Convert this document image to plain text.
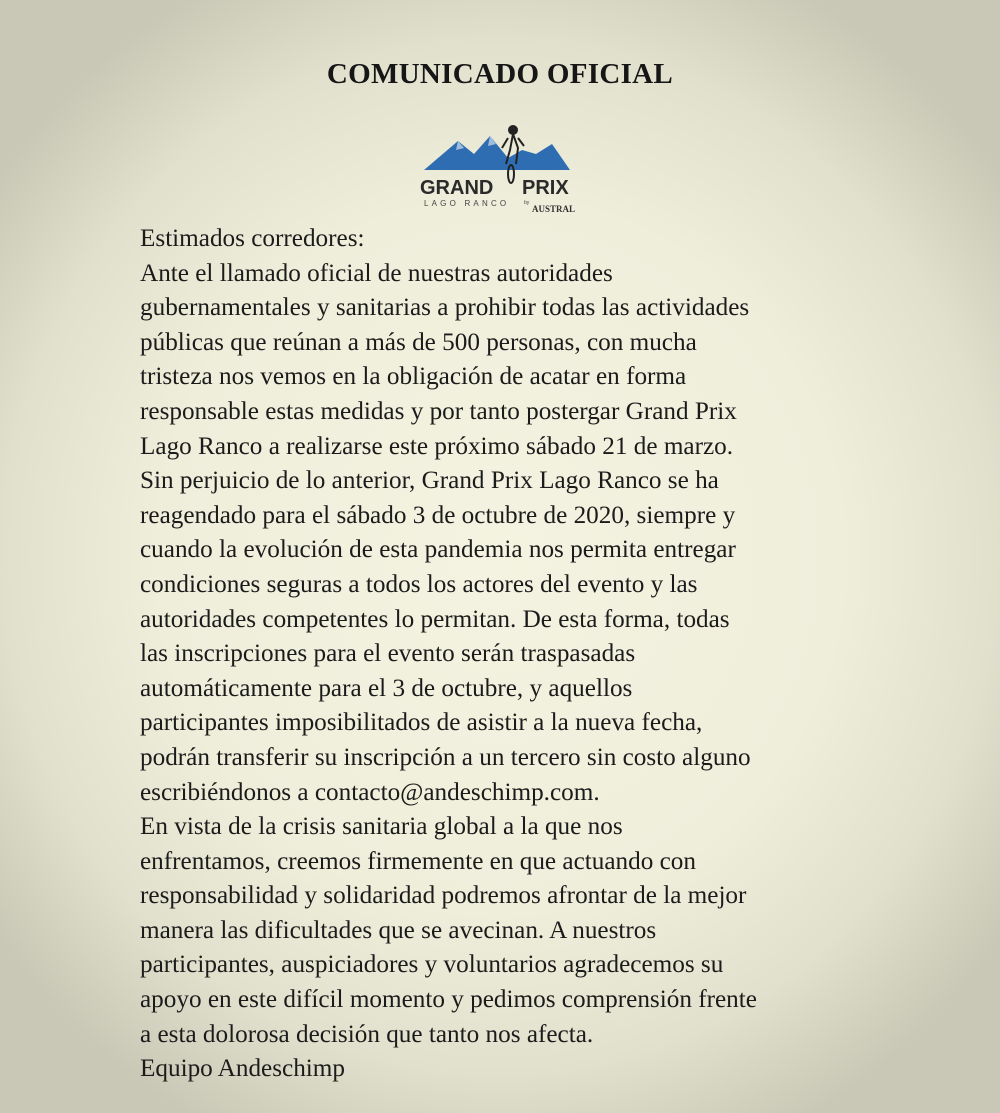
COMUNICADO OFICIAL
GRAND PRIX
LAGO RANCO	by
AUSTRAL
Estimados corredores:
Ante el llamado oficial de nuestras autoridades
gubernamentales y sanitarias a prohibir todas las actividades
públicas que reúnan a más de 500 personas, con mucha
tristeza nos vemos en la obligación de acatar en forma
responsable estas medidas y por tanto postergar Grand Prix
Lago Ranco a realizarse este próximo sábado 21 de marzo.
Sin perjuicio de lo anterior, Grand Prix Lago Ranco se ha
reagendado para el sábado 3 de octubre de 2020, siempre y
cuando la evolución de esta pandemia nos permita entregar
condiciones seguras a todos los actores del evento y las
autoridades competentes lo permitan. De esta forma, todas
las inscripciones para el evento serán traspasadas
automáticamente para el 3 de octubre, y aquellos
participantes imposibilitados de asistir a la nueva fecha,
podrán transferir su inscripción a un tercero sin costo alguno
escribiéndonos a contacto@andeschimp.com.
En vista de la crisis sanitaria global a la que nos
enfrentamos, creemos firmemente en que actuando con
responsabilidad y solidaridad podremos afrontar de la mejor
manera las dificultades que se avecinan. A nuestros
participantes, auspiciadores y voluntarios agradecemos su
apoyo en este difícil momento y pedimos comprensión frente
a esta dolorosa decisión que tanto nos afecta.
Equipo Andeschimp
